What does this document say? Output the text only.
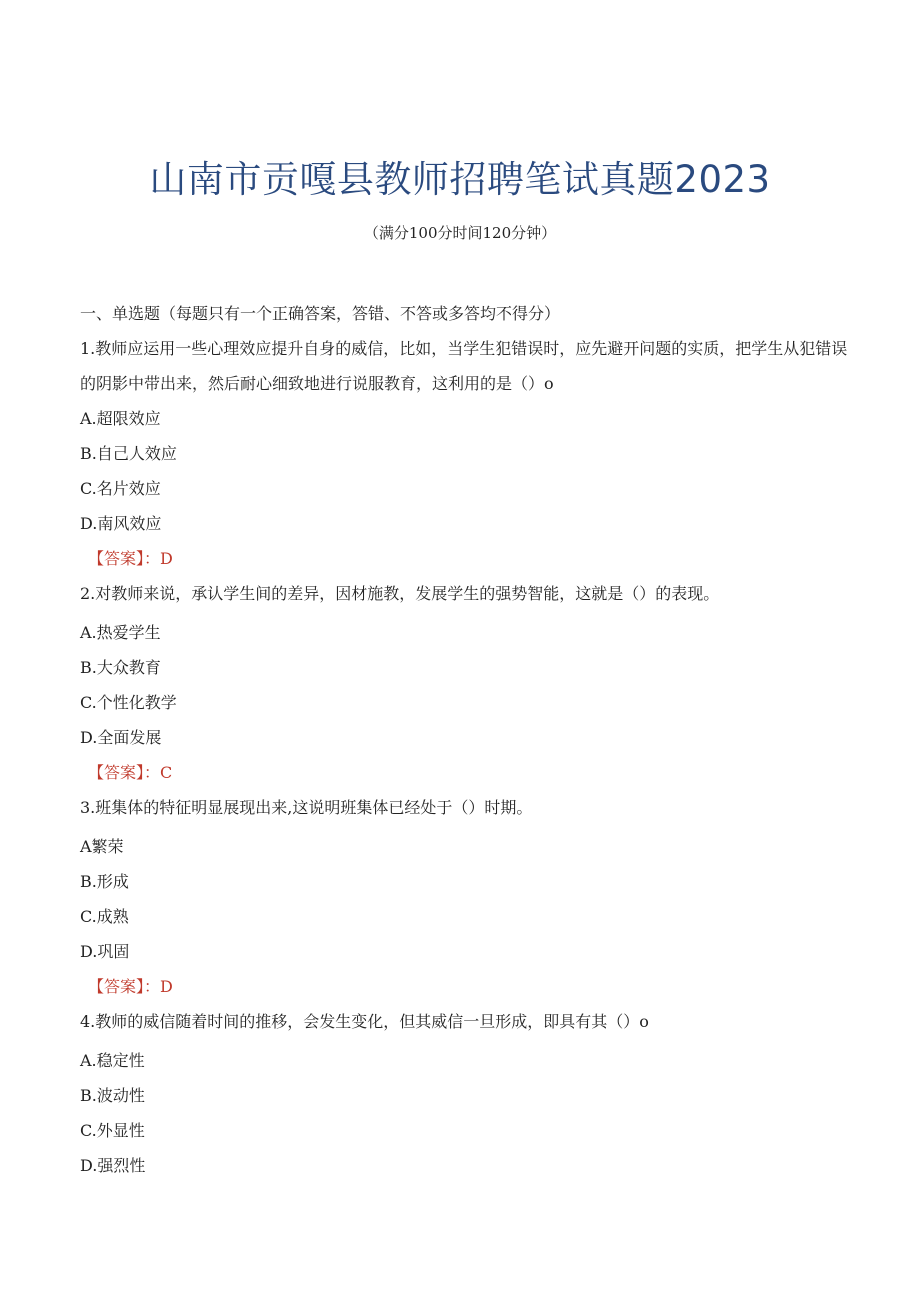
山南市贡嘎县教师招聘笔试真题2023
（满分100分时间120分钟）
一、单选题（每题只有一个正确答案，答错、不答或多答均不得分）
1.教师应运用一些心理效应提升自身的威信，比如，当学生犯错误时，应先避开问题的实质，把学生从犯错误的阴影中带出来，然后耐心细致地进行说服教育，这利用的是（）o
A.超限效应
B.自己人效应
C.名片效应
D.南风效应
【答案】：D
2.对教师来说，承认学生间的差异，因材施教，发展学生的强势智能，这就是（）的表现。
A.热爱学生
B.大众教育
C.个性化教学
D.全面发展
【答案】：C
3.班集体的特征明显展现出来,这说明班集体已经处于（）时期。
A繁荣
B.形成
C.成熟
D.巩固
【答案】：D
4.教师的威信随着时间的推移，会发生变化，但其威信一旦形成，即具有其（）o
A.稳定性
B.波动性
C.外显性
D.强烈性
